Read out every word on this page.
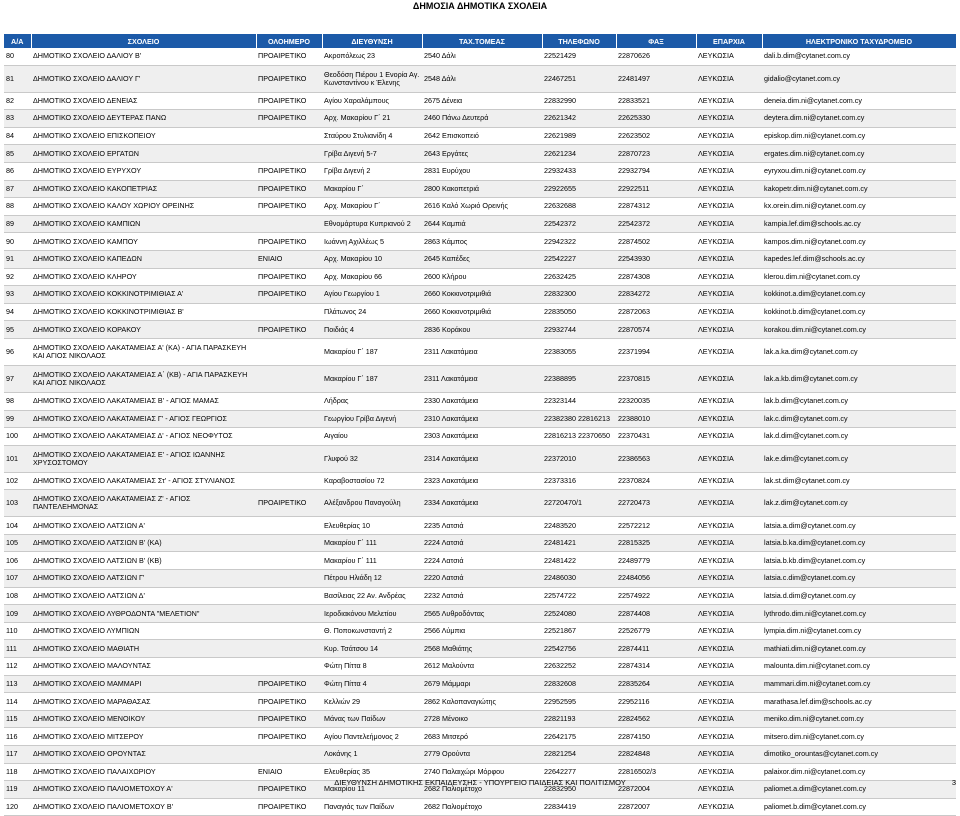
ΔΗΜΟΣΙΑ ΔΗΜΟΤΙΚΑ ΣΧΟΛΕΙΑ
Α/Α	ΣΧΟΛΕΙΟ	ΟΛΟΗΜΕΡΟ	ΔΙΕΥΘΥΝΣΗ	ΤΑΧ.ΤΟΜΕΑΣ	ΤΗΛΕΦΩΝΟ	ΦΑΞ	ΕΠΑΡΧΙΑ	ΗΛΕΚΤΡΟΝΙΚΟ ΤΑΧΥΔΡΟΜΕΙΟ
80	ΔΗΜΟΤΙΚΟ ΣΧΟΛΕΙΟ ΔΑΛΙΟΥ Β'	ΠΡΟΑΙΡΕΤΙΚΟ	Ακροπόλεως 23	2540 Δάλι	22521429	22870626	ΛΕΥΚΩΣΙΑ	dali.b.dim@cytanet.com.cy
81	ΔΗΜΟΤΙΚΟ ΣΧΟΛΕΙΟ ΔΑΛΙΟΥ Γ'	ΠΡΟΑΙΡΕΤΙΚΟ	Θεοδόση Πιέρου 1 Ενορία Αγ. Κωνσταντίνου κ Έλενης	2548 Δάλι	22467251	22481497	ΛΕΥΚΩΣΙΑ	gidalio@cytanet.com.cy
82	ΔΗΜΟΤΙΚΟ ΣΧΟΛΕΙΟ ΔΕΝΕΙΑΣ	ΠΡΟΑΙΡΕΤΙΚΟ	Αγίου Χαραλάμπους	2675 Δένεια	22832990	22833521	ΛΕΥΚΩΣΙΑ	deneia.dim.ni@cytanet.com.cy
83	ΔΗΜΟΤΙΚΟ ΣΧΟΛΕΙΟ ΔΕΥΤΕΡΑΣ ΠΑΝΩ	ΠΡΟΑΙΡΕΤΙΚΟ	Αρχ. Μακαρίου Γ΄ 21	2460 Πάνω Δευτερά	22621342	22625330	ΛΕΥΚΩΣΙΑ	deytera.dim.ni@cytanet.com.cy
84	ΔΗΜΟΤΙΚΟ ΣΧΟΛΕΙΟ ΕΠΙΣΚΟΠΕΙΟΥ		Σταύρου Στυλιανίδη 4	2642 Επισκοπειό	22621989	22623502	ΛΕΥΚΩΣΙΑ	episkop.dim.ni@cytanet.com.cy
85	ΔΗΜΟΤΙΚΟ ΣΧΟΛΕΙΟ ΕΡΓΑΤΩΝ		Γρίβα Διγενή 5-7	2643 Εργάτες	22621234	22870723	ΛΕΥΚΩΣΙΑ	ergates.dim.ni@cytanet.com.cy
86	ΔΗΜΟΤΙΚΟ ΣΧΟΛΕΙΟ ΕΥΡΥΧΟΥ	ΠΡΟΑΙΡΕΤΙΚΟ	Γρίβα Διγενή 2	2831 Ευρύχου	22932433	22932794	ΛΕΥΚΩΣΙΑ	eyryxou.dim.ni@cytanet.com.cy
87	ΔΗΜΟΤΙΚΟ ΣΧΟΛΕΙΟ ΚΑΚΟΠΕΤΡΙΑΣ	ΠΡΟΑΙΡΕΤΙΚΟ	Μακαρίου Γ΄	2800 Κακοπετριά	22922655	22922511	ΛΕΥΚΩΣΙΑ	kakopetr.dim.ni@cytanet.com.cy
88	ΔΗΜΟΤΙΚΟ ΣΧΟΛΕΙΟ ΚΑΛΟΥ ΧΩΡΙΟΥ ΟΡΕΙΝΗΣ	ΠΡΟΑΙΡΕΤΙΚΟ	Αρχ. Μακαρίου Γ΄	2616 Καλό Χωριό Ορεινής	22632688	22874312	ΛΕΥΚΩΣΙΑ	kx.orein.dim.ni@cytanet.com.cy
89	ΔΗΜΟΤΙΚΟ ΣΧΟΛΕΙΟ ΚΑΜΠΙΩΝ		Εθνομάρτυρα Κυπριανού 2	2644 Καμπιά	22542372	22542372	ΛΕΥΚΩΣΙΑ	kampia.lef.dim@schools.ac.cy
90	ΔΗΜΟΤΙΚΟ ΣΧΟΛΕΙΟ ΚΑΜΠΟΥ	ΠΡΟΑΙΡΕΤΙΚΟ	Ιωάννη Αχιλλέως 5	2863 Κάμπος	22942322	22874502	ΛΕΥΚΩΣΙΑ	kampos.dim.ni@cytanet.com.cy
91	ΔΗΜΟΤΙΚΟ ΣΧΟΛΕΙΟ ΚΑΠΕΔΩΝ	ΕΝΙΑΙΟ	Αρχ. Μακαρίου 10	2645 Καπέδες	22542227	22543930	ΛΕΥΚΩΣΙΑ	kapedes.lef.dim@schools.ac.cy
92	ΔΗΜΟΤΙΚΟ ΣΧΟΛΕΙΟ ΚΛΗΡΟΥ	ΠΡΟΑΙΡΕΤΙΚΟ	Αρχ. Μακαρίου 66	2600 Κλήρου	22632425	22874308	ΛΕΥΚΩΣΙΑ	klerou.dim.ni@cytanet.com.cy
93	ΔΗΜΟΤΙΚΟ ΣΧΟΛΕΙΟ ΚΟΚΚΙΝΟΤΡΙΜΙΘΙΑΣ Α'	ΠΡΟΑΙΡΕΤΙΚΟ	Αγίου Γεωργίου 1	2660 Κοκκινοτριμιθιά	22832300	22834272	ΛΕΥΚΩΣΙΑ	kokkinot.a.dim@cytanet.com.cy
94	ΔΗΜΟΤΙΚΟ ΣΧΟΛΕΙΟ ΚΟΚΚΙΝΟΤΡΙΜΙΘΙΑΣ Β'		Πλάτωνος 24	2660 Κοκκινοτριμιθιά	22835050	22872063	ΛΕΥΚΩΣΙΑ	kokkinot.b.dim@cytanet.com.cy
95	ΔΗΜΟΤΙΚΟ ΣΧΟΛΕΙΟ ΚΟΡΑΚΟΥ	ΠΡΟΑΙΡΕΤΙΚΟ	Ποιδιάς 4	2836 Κοράκου	22932744	22870574	ΛΕΥΚΩΣΙΑ	korakou.dim.ni@cytanet.com.cy
96	ΔΗΜΟΤΙΚΟ ΣΧΟΛΕΙΟ ΛΑΚΑΤΑΜΕΙΑΣ Α' (ΚΑ) - ΑΓΙΑ ΠΑΡΑΣΚΕΥΗ ΚΑΙ ΑΓΙΟΣ ΝΙΚΟΛΑΟΣ		Μακαρίου Γ΄ 187	2311 Λακατάμεια	22383055	22371994	ΛΕΥΚΩΣΙΑ	lak.a.ka.dim@cytanet.com.cy
97	ΔΗΜΟΤΙΚΟ ΣΧΟΛΕΙΟ ΛΑΚΑΤΑΜΕΙΑΣ Α΄ (ΚΒ) - ΑΓΙΑ ΠΑΡΑΣΚΕΥΗ ΚΑΙ ΑΓΙΟΣ ΝΙΚΟΛΑΟΣ		Μακαρίου Γ΄ 187	2311 Λακατάμεια	22388895	22370815	ΛΕΥΚΩΣΙΑ	lak.a.kb.dim@cytanet.com.cy
98	ΔΗΜΟΤΙΚΟ ΣΧΟΛΕΙΟ ΛΑΚΑΤΑΜΕΙΑΣ Β' - ΑΓΙΟΣ ΜΑΜΑΣ		Λήδρας	2330 Λακατάμεια	22323144	22320035	ΛΕΥΚΩΣΙΑ	lak.b.dim@cytanet.com.cy
99	ΔΗΜΟΤΙΚΟ ΣΧΟΛΕΙΟ ΛΑΚΑΤΑΜΕΙΑΣ Γ' - ΑΓΙΟΣ ΓΕΩΡΓΙΟΣ		Γεωργίου Γρίβα Διγενή	2310 Λακατάμεια	22382380 22816213	22388010	ΛΕΥΚΩΣΙΑ	lak.c.dim@cytanet.com.cy
100	ΔΗΜΟΤΙΚΟ ΣΧΟΛΕΙΟ ΛΑΚΑΤΑΜΕΙΑΣ Δ' - ΑΓΙΟΣ ΝΕΟΦΥΤΟΣ		Αιγαίου	2303 Λακατάμεια	22816213 22370650	22370431	ΛΕΥΚΩΣΙΑ	lak.d.dim@cytanet.com.cy
101	ΔΗΜΟΤΙΚΟ ΣΧΟΛΕΙΟ ΛΑΚΑΤΑΜΕΙΑΣ Ε' - ΑΓΙΟΣ ΙΩΑΝΝΗΣ ΧΡΥΣΟΣΤΟΜΟΥ		Γλυφού 32	2314 Λακατάμεια	22372010	22386563	ΛΕΥΚΩΣΙΑ	lak.e.dim@cytanet.com.cy
102	ΔΗΜΟΤΙΚΟ ΣΧΟΛΕΙΟ ΛΑΚΑΤΑΜΕΙΑΣ Στ' - ΑΓΙΟΣ ΣΤΥΛΙΑΝΟΣ		Καραβοστασίου 72	2323 Λακατάμεια	22373316	22370824	ΛΕΥΚΩΣΙΑ	lak.st.dim@cytanet.com.cy
103	ΔΗΜΟΤΙΚΟ ΣΧΟΛΕΙΟ ΛΑΚΑΤΑΜΕΙΑΣ Ζ' - ΑΓΙΟΣ ΠΑΝΤΕΛΕΗΜΟΝΑΣ	ΠΡΟΑΙΡΕΤΙΚΟ	Αλέξανδρου Παναγούλη	2334 Λακατάμεια	22720470/1	22720473	ΛΕΥΚΩΣΙΑ	lak.z.dim@cytanet.com.cy
104	ΔΗΜΟΤΙΚΟ ΣΧΟΛΕΙΟ ΛΑΤΣΙΩΝ Α'		Ελευθερίας 10	2235 Λατσιά	22483520	22572212	ΛΕΥΚΩΣΙΑ	latsia.a.dim@cytanet.com.cy
105	ΔΗΜΟΤΙΚΟ ΣΧΟΛΕΙΟ ΛΑΤΣΙΩΝ Β' (ΚΑ)		Μακαρίου Γ΄ 111	2224 Λατσιά	22481421	22815325	ΛΕΥΚΩΣΙΑ	latsia.b.ka.dim@cytanet.com.cy
106	ΔΗΜΟΤΙΚΟ ΣΧΟΛΕΙΟ ΛΑΤΣΙΩΝ Β' (ΚΒ)		Μακαρίου Γ΄ 111	2224 Λατσιά	22481422	22489779	ΛΕΥΚΩΣΙΑ	latsia.b.kb.dim@cytanet.com.cy
107	ΔΗΜΟΤΙΚΟ ΣΧΟΛΕΙΟ ΛΑΤΣΙΩΝ Γ'		Πέτρου Ηλιάδη 12	2220 Λατσιά	22486030	22484056	ΛΕΥΚΩΣΙΑ	latsia.c.dim@cytanet.com.cy
108	ΔΗΜΟΤΙΚΟ ΣΧΟΛΕΙΟ ΛΑΤΣΙΩΝ Δ'		Βασίλειας 22 Αν. Ανδρέας	2232 Λατσιά	22574722	22574922	ΛΕΥΚΩΣΙΑ	latsia.d.dim@cytanet.com.cy
109	ΔΗΜΟΤΙΚΟ ΣΧΟΛΕΙΟ ΛΥΘΡΟΔΟΝΤΑ "ΜΕΛΕΤΙΟΝ"		Ιεροδιακόνου Μελετίου	2565 Λυθροδόντας	22524080	22874408	ΛΕΥΚΩΣΙΑ	lythrodo.dim.ni@cytanet.com.cy
110	ΔΗΜΟΤΙΚΟ ΣΧΟΛΕΙΟ ΛΥΜΠΙΩΝ		Θ. Ποποκωνσταντή 2	2566 Λύμπια	22521867	22526779	ΛΕΥΚΩΣΙΑ	lympia.dim.ni@cytanet.com.cy
111	ΔΗΜΟΤΙΚΟ ΣΧΟΛΕΙΟ ΜΑΘΙΑΤΗ		Κυρ. Τσάτσου 14	2568 Μαθιάτης	22542756	22874411	ΛΕΥΚΩΣΙΑ	mathiati.dim.ni@cytanet.com.cy
112	ΔΗΜΟΤΙΚΟ ΣΧΟΛΕΙΟ ΜΑΛΟΥΝΤΑΣ		Φώτη Πίττα 8	2612 Μαλούντα	22632252	22874314	ΛΕΥΚΩΣΙΑ	malounta.dim.ni@cytanet.com.cy
113	ΔΗΜΟΤΙΚΟ ΣΧΟΛΕΙΟ ΜΑΜΜΑΡΙ	ΠΡΟΑΙΡΕΤΙΚΟ	Φώτη Πίττα 4	2679 Μάμμαρι	22832608	22835264	ΛΕΥΚΩΣΙΑ	mammari.dim.ni@cytanet.com.cy
114	ΔΗΜΟΤΙΚΟ ΣΧΟΛΕΙΟ ΜΑΡΑΘΑΣΑΣ	ΠΡΟΑΙΡΕΤΙΚΟ	Κελλιών 29	2862 Καλοπαναγιώτης	22952595	22952116	ΛΕΥΚΩΣΙΑ	marathasa.lef.dim@schools.ac.cy
115	ΔΗΜΟΤΙΚΟ ΣΧΟΛΕΙΟ ΜΕΝΟΙΚΟΥ	ΠΡΟΑΙΡΕΤΙΚΟ	Μάνας των Παίδων	2728 Μένοικο	22821193	22824562	ΛΕΥΚΩΣΙΑ	meniko.dim.ni@cytanet.com.cy
116	ΔΗΜΟΤΙΚΟ ΣΧΟΛΕΙΟ ΜΙΤΣΕΡΟΥ	ΠΡΟΑΙΡΕΤΙΚΟ	Αγίου Παντελεήμονος 2	2683 Μιτσερό	22642175	22874150	ΛΕΥΚΩΣΙΑ	mitsero.dim.ni@cytanet.com.cy
117	ΔΗΜΟΤΙΚΟ ΣΧΟΛΕΙΟ ΟΡΟΥΝΤΑΣ		Λοκάνης 1	2779 Ορούντα	22821254	22824848	ΛΕΥΚΩΣΙΑ	dimotiko_orountas@cytanet.com.cy
118	ΔΗΜΟΤΙΚΟ ΣΧΟΛΕΙΟ ΠΑΛΑΙΧΩΡΙΟΥ	ΕΝΙΑΙΟ	Ελευθερίας 35	2740 Παλαιχώρι Μόρφου	22642277	22816502/3	ΛΕΥΚΩΣΙΑ	palaixor.dim.ni@cytanet.com.cy
119	ΔΗΜΟΤΙΚΟ ΣΧΟΛΕΙΟ ΠΑΛΙΟΜΕΤΟΧΟΥ Α'	ΠΡΟΑΙΡΕΤΙΚΟ	Μακαρίου 11	2682 Παλιομέτοχο	22832950	22872004	ΛΕΥΚΩΣΙΑ	paliomet.a.dim@cytanet.com.cy
120	ΔΗΜΟΤΙΚΟ ΣΧΟΛΕΙΟ ΠΑΛΙΟΜΕΤΟΧΟΥ Β'	ΠΡΟΑΙΡΕΤΙΚΟ	Παναγιάς των Παίδων	2682 Παλιομέτοχο	22834419	22872007	ΛΕΥΚΩΣΙΑ	paliomet.b.dim@cytanet.com.cy
ΔΙΕΥΘΥΝΣΗ ΔΗΜΟΤΙΚΗΣ ΕΚΠΑΙΔΕΥΣΗΣ - ΥΠΟΥΡΓΕΙΟ ΠΑΙΔΕΙΑΣ ΚΑΙ ΠΟΛΙΤΙΣΜΟΥ	3
